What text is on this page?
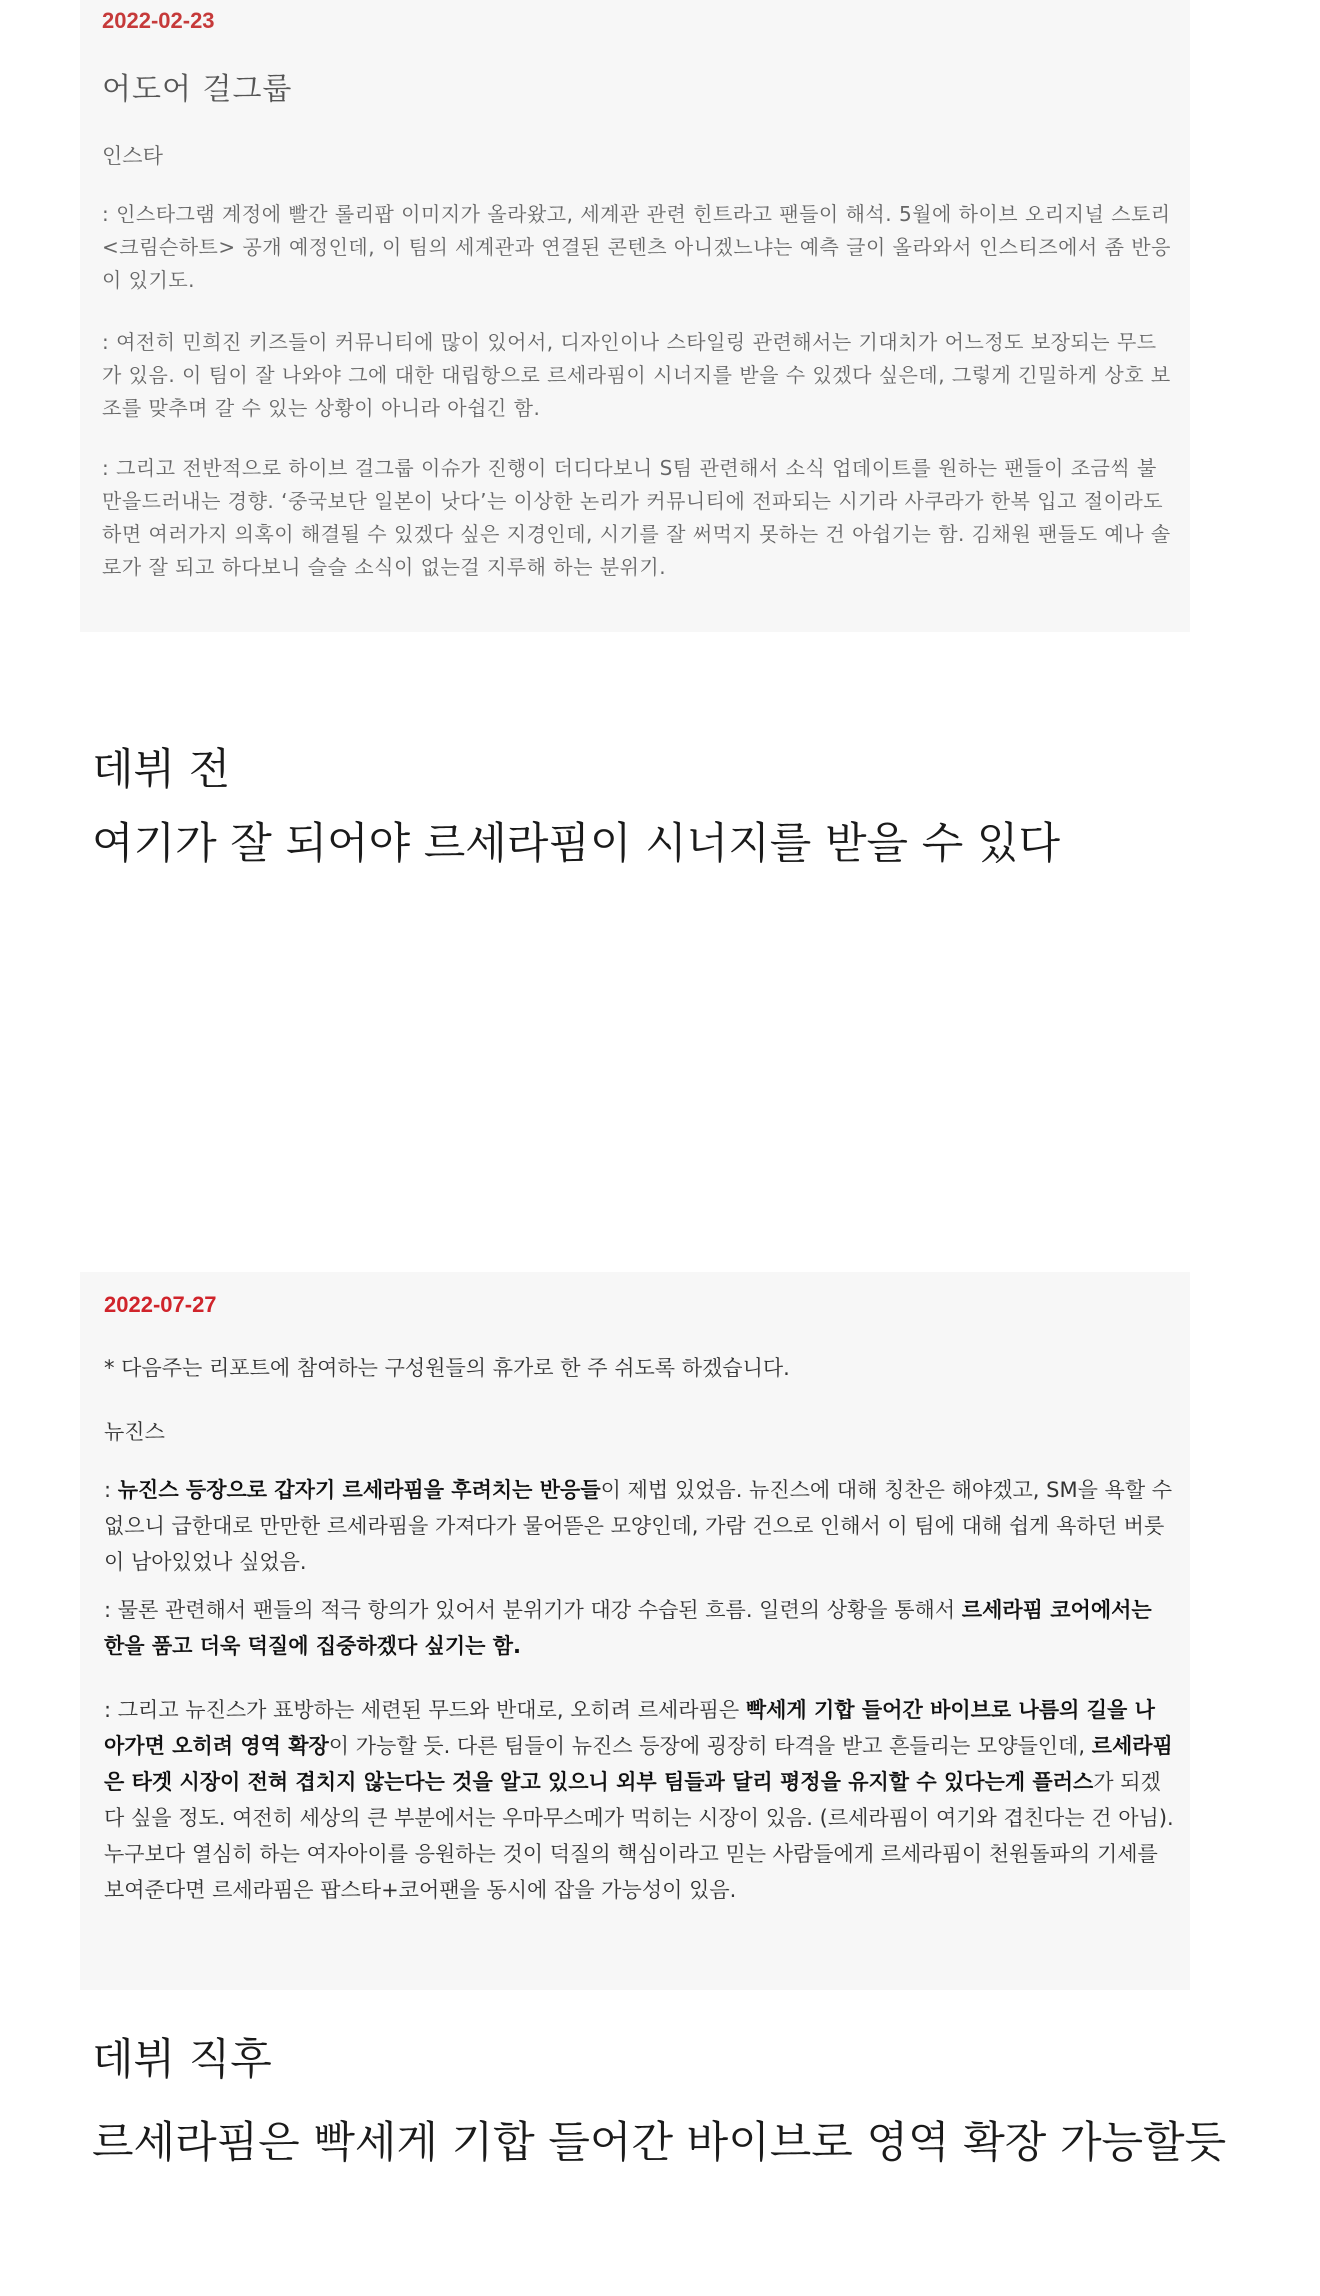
2022-02-23
어도어 걸그룹
인스타
: 인스타그램 계정에 빨간 롤리팝 이미지가 올라왔고, 세계관 관련 힌트라고 팬들이 해석. 5월에 하이브 오리지널 스토리 <크림슨하트> 공개 예정인데, 이 팀의 세계관과 연결된 콘텐츠 아니겠느냐는 예측 글이 올라와서 인스티즈에서 좀 반응이 있기도.
: 여전히 민희진 키즈들이 커뮤니티에 많이 있어서, 디자인이나 스타일링 관련해서는 기대치가 어느정도 보장되는 무드가 있음. 이 팀이 잘 나와야 그에 대한 대립항으로 르세라핌이 시너지를 받을 수 있겠다 싶은데, 그렇게 긴밀하게 상호 보조를 맞추며 갈 수 있는 상황이 아니라 아쉽긴 함.
: 그리고 전반적으로 하이브 걸그룹 이슈가 진행이 더디다보니 S팀 관련해서 소식 업데이트를 원하는 팬들이 조금씩 불만을드러내는 경향. ‘중국보단 일본이 낫다’는 이상한 논리가 커뮤니티에 전파되는 시기라 사쿠라가 한복 입고 절이라도 하면 여러가지 의혹이 해결될 수 있겠다 싶은 지경인데, 시기를 잘 써먹지 못하는 건 아쉽기는 함. 김채원 팬들도 예나 솔로가 잘 되고 하다보니 슬슬 소식이 없는걸 지루해 하는 분위기.
데뷔 전
여기가 잘 되어야 르세라핌이 시너지를 받을 수 있다
2022-07-27
* 다음주는 리포트에 참여하는 구성원들의 휴가로 한 주 쉬도록 하겠습니다.
뉴진스
: 뉴진스 등장으로 갑자기 르세라핌을 후려치는 반응들이 제법 있었음. 뉴진스에 대해 칭찬은 해야겠고, SM을 욕할 수 없으니 급한대로 만만한 르세라핌을 가져다가 물어뜯은 모양인데, 가람 건으로 인해서 이 팀에 대해 쉽게 욕하던 버릇이 남아있었나 싶었음.
: 물론 관련해서 팬들의 적극 항의가 있어서 분위기가 대강 수습된 흐름. 일련의 상황을 통해서 르세라핌 코어에서는 한을 품고 더욱 덕질에 집중하겠다 싶기는 함.
: 그리고 뉴진스가 표방하는 세련된 무드와 반대로, 오히려 르세라핌은 빡세게 기합 들어간 바이브로 나름의 길을 나아가면 오히려 영역 확장이 가능할 듯. 다른 팀들이 뉴진스 등장에 굉장히 타격을 받고 흔들리는 모양들인데, 르세라핌은 타겟 시장이 전혀 겹치지 않는다는 것을 알고 있으니 외부 팀들과 달리 평정을 유지할 수 있다는게 플러스가 되겠다 싶을 정도. 여전히 세상의 큰 부분에서는 우마무스메가 먹히는 시장이 있음. (르세라핌이 여기와 겹친다는 건 아님). 누구보다 열심히 하는 여자아이를 응원하는 것이 덕질의 핵심이라고 믿는 사람들에게 르세라핌이 천원돌파의 기세를 보여준다면 르세라핌은 팝스타+코어팬을 동시에 잡을 가능성이 있음.
데뷔 직후
르세라핌은 빡세게 기합 들어간 바이브로 영역 확장 가능할듯
